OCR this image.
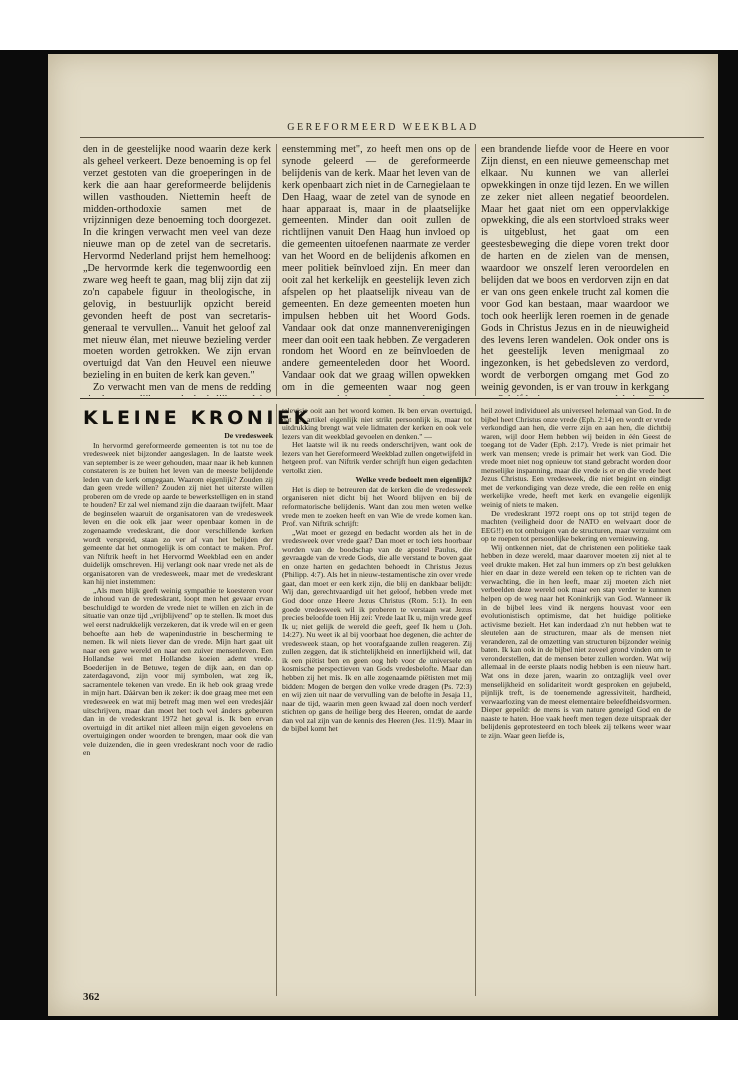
GEREFORMEERD WEEKBLAD

den in de geestelijke nood waarin deze kerk als geheel verkeert. Deze benoeming is op fel verzet gestoten van die groeperingen in de kerk die aan haar gereformeerde belijdenis willen vasthouden. Niettemin heeft de midden-orthodoxie samen met de vrijzinnigen deze benoeming toch doorgezet. In die kringen verwacht men veel van deze nieuwe man op de zetel van de secretaris. Hervormd Nederland prijst hem hemelhoog: „De hervormde kerk die tegenwoordig een zware weg heeft te gaan, mag blij zijn dat zij zo'n capabele figuur in theologische, in gelovig, in bestuurlijk opzicht bereid gevonden heeft de post van secretaris-generaal te vervullen... Vanuit het geloof zal met nieuw élan, met nieuwe bezieling verder moeten worden getrokken. We zijn ervan overtuigd dat Van den Heuvel een nieuwe bezieling in en buiten de kerk kan geven."

Zo verwacht men van de mens de redding

eenstemming met", zo heeft men ons op de synode geleerd — de gereformeerde belijdenis van de kerk. Maar het leven van de kerk openbaart zich niet in de Carnegielaan te Den Haag, waar de zetel van de synode en haar apparaat is, maar in de plaatselijke gemeenten. Minder dan ooit zullen de richtlijnen vanuit Den Haag hun invloed op die gemeenten uitoefenen naarmate ze verder van het Woord en de belijdenis afkomen en meer politiek beïnvloed zijn. En meer dan ooit zal het kerkelijk en geestelijk leven zich afspelen op het plaatselijk niveau van de gemeenten. En deze gemeenten moeten hun impulsen hebben uit het Woord Gods. Vandaar ook dat onze mannenverenigingen meer dan ooit een taak hebben. Ze vergaderen rondom het Woord en ze beïnvloeden de andere gemeenteleden door het Woord. Vandaar ook dat we graag willen opwekken om in die gemeenten waar nog geen

een brandende liefde voor de Heere en voor Zijn dienst, en een nieuwe gemeenschap met elkaar. Nu kunnen we van allerlei opwekkingen in onze tijd lezen. En we willen ze zeker niet alleen negatief beoordelen. Maar het gaat niet om een oppervlakkige opwekking, die als een stortvloed straks weer is uitgeblust, het gaat om een geestesbeweging die diepe voren trekt door de harten en de zielen van de mensen, waardoor we onszelf leren veroordelen en belijden dat we boos en verdorven zijn en dat er van ons geen enkele trucht zal komen die voor God kan bestaan, maar waardoor we toch ook heerlijk leren roemen in de genade Gods in Christus Jezus en in de nieuwigheid des levens leren wandelen. Ook onder ons is het geestelijk leven menigmaal zo ingezonken, is het gebedsleven zo verdord, wordt de verborgen omgang met God zo weinig gevonden, is er van trouw in kerkgang

KLEINE KRONIEK

De vredesweek

In hervormd gereformeerde gemeenten is tot nu toe de vredesweek niet bijzonder aangeslagen. In de laatste week van september is ze weer gehouden, maar naar ik heb kunnen constateren is ze buiten het leven van de meeste belijdende leden van de kerk omgegaan. Waarom eigenlijk? Zouden zij dan geen vrede willen? Zouden zij niet het uiterste willen proberen om de vrede op aarde te bewerkstelligen en in stand te houden? Er zal wel niemand zijn die daaraan twijfelt. Maar de beginselen waaruit de organisatoren van de vredesweek leven en die ook elk jaar weer openbaar komen in de zogenaamde vredeskrant, die door verschillende kerken wordt verspreid, staan zo ver af van het belijden der gemeente dat het onmogelijk is om contact te maken. Prof. van Niftrik heeft in het Hervormd Weekblad een en ander duidelijk omschreven. Hij verlangt ook naar vrede net als de organisatoren van de vredesweek, maar met de vredeskrant kan hij niet instemmen:

„Als men blijk geeft weinig sympathie te koesteren voor de inhoud van de vredeskrant, loopt men het gevaar ervan beschuldigd te worden de vrede niet te willen en zich in de situatie van onze tijd „vrijblijvend" op te stellen. Ik moet dus wel eerst nadrukkelijk verzekeren, dat ik vrede wil en er geen behoefte aan heb de wapenindustrie in bescherming te nemen. Ik wil niets liever dan de vrede. Mijn hart gaat uit naar een gave wereld en naar een zuiver mensenleven. Een Hollandse wei met Hollandse koeien ademt vrede. Boederijen in de Betuwe, tegen de dijk aan, en dan op zaterdagavond, zijn voor mij symbolen, wat zeg ik, sacramentele tekenen van vrede. En ik heb ook graag vrede in mijn hart. Dáárvan ben ik zeker: ik doe graag mee met een vredesweek en wat mij betreft mag men wel een vredesjáár uitschrijven, maar dan moet het toch wel ánders gebeuren dan in de vredeskrant 1972 het geval is. Ik ben ervan overtuigd in dit artikel niet alleen mijn eigen gevoelens en overtuigingen onder woorden te brengen, maar ook die van vele duizenden, die in geen vredeskrant noch voor de radio en

televisie ooit aan het woord komen. Ik ben ervan overtuigd, dat dit artikel eigenlijk niet strikt persoonlijk is, maar tot uitdrukking brengt wat vele lidmaten der kerken en ook vele lezers van dit weekblad gevoelen en denken." —

Het laatste wil ik nu reeds onderschrijven, want ook de lezers van het Gereformeerd Weekblad zullen ongetwijfeld in hetgeen prof. van Niftrik verder schrijft hun eigen gedachten vertolkt zien.

Welke vrede bedoelt men eigenlijk?

Het is diep te betreuren dat de kerken die de vredesweek organiseren niet dicht bij het Woord blijven en bij de reformatorische belijdenis. Want dan zou men weten welke vrede men te zoeken heeft en van Wie de vrede komen kan. Prof. van Niftrik schrijft:

„Wat moet er gezegd en bedacht worden als het in de vredesweek over vrede gaat? Dan moet er toch iets hoorbaar worden van de boodschap van de apostel Paulus, die gevraagde van de vrede Gods, die alle verstand te boven gaat en onze harten en gedachten behoedt in Christus Jezus (Philipp. 4:7). Als het in nieuw-testamentische zin over vrede gaat, dan moet er een kerk zijn, die blij en dankbaar belijdt: Wij dan, gerechtvaardigd uit het geloof, hebben vrede met God door onze Heere Jezus Christus (Rom. 5:1). In een goede vredesweek wil ik proberen te verstaan wat Jezus precies beloofde toen Hij zei: Vrede laat Ik u, mijn vrede geef Ik u; niet gelijk de wereld die geeft, geef Ik hem u (Joh. 14:27). Nu weet ik al bij voorbaat hoe degenen, die achter de vredesweek staan, op het voorafgaande zullen reageren. Zij zullen zeggen, dat ik stichtelijkheid en innerlijkheid wil, dat ik een piëtist ben en geen oog heb voor de universele en kosmische perspectieven van Gods vredesbelofte. Maar dan hebben zij het mis. Ik en alle zogenaamde piëtisten met mij bidden: Mogen de bergen den volke vrede dragen (Ps. 72:3) en wij zien uit naar de vervulling van de belofte in Jesaja 11, naar de tijd, waarin men geen kwaad zal doen noch verderf stichten op gans de heilige berg des Heeren, omdat de aarde dan vol zal zijn van de kennis des Heeren (Jes. 11:9). Maar in de bijbel komt het

heil zowel individueel als universeel helemaal van God. In de bijbel heet Christus onze vrede (Eph. 2:14) en wordt er vrede verkondigd aan hen, die verre zijn en aan hen, die dichtbij waren, wijl door Hem hebben wij beiden in één Geest de toegang tot de Vader (Eph. 2:17). Vrede is niet primair het werk van mensen; vrede is primair het werk van God. Die vrede moet niet nog opnieuw tot stand gebracht worden door menselijke inspanning, maar die vrede is er en die vrede heet Jezus Christus. Een vredesweek, die niet begint en eindigt met de verkondiging van deze vrede, die een reële en enig werkelijke vrede, heeft met kerk en evangelie eigenlijk weinig of niets te maken.

De vredeskrant 1972 roept ons op tot strijd tegen de machten (veiligheid door de NATO en welvaart door de EEG!!) en tot ombuigen van de structuren, maar verzuimt om op te roepen tot persoonlijke bekering en vernieuwing.

Wij ontkennen niet, dat de christenen een politieke taak hebben in deze wereld, maar daarover moeten zij niet al te veel drukte maken. Het zal hun immers op z'n best gelukken hier en daar in deze wereld een teken op te richten van de verwachting, die in hen leeft, maar zij moeten zich niet verbeelden deze wereld ook maar een stap verder te kunnen helpen op de weg naar het Koninkrijk van God. Wanneer ik in de bijbel lees vind ik nergens houvast voor een evolutionistisch optimisme, dat het huidige politieke activisme bezielt. Het kan inderdaad z'n nut hebben wat te sleutelen aan de structuren, maar als de mensen niet veranderen, zal de omzetting van structuren bijzonder weinig baten. Ik kan ook in de bijbel niet zoveel grond vinden om te veronderstellen, dat de mensen beter zullen worden. Wat wij allemaal in de eerste plaats nodig hebben is een nieuw hart. Wat ons in deze jaren, waarin zo ontzaglijk veel over menselijkheid en solidariteit wordt gesproken en gejubeld, pijnlijk treft, is de toenemende agressiviteit, hardheid, verwaarlozing van de meest elementaire beleefdheidsvormen. Dieper gepeild: de mens is van nature geneigd God en de naaste te haten. Hoe vaak heeft men tegen deze uitspraak der belijdenis geprotesteerd en toch bleek zij telkens weer waar te zijn. Waar geen liefde is,

362
